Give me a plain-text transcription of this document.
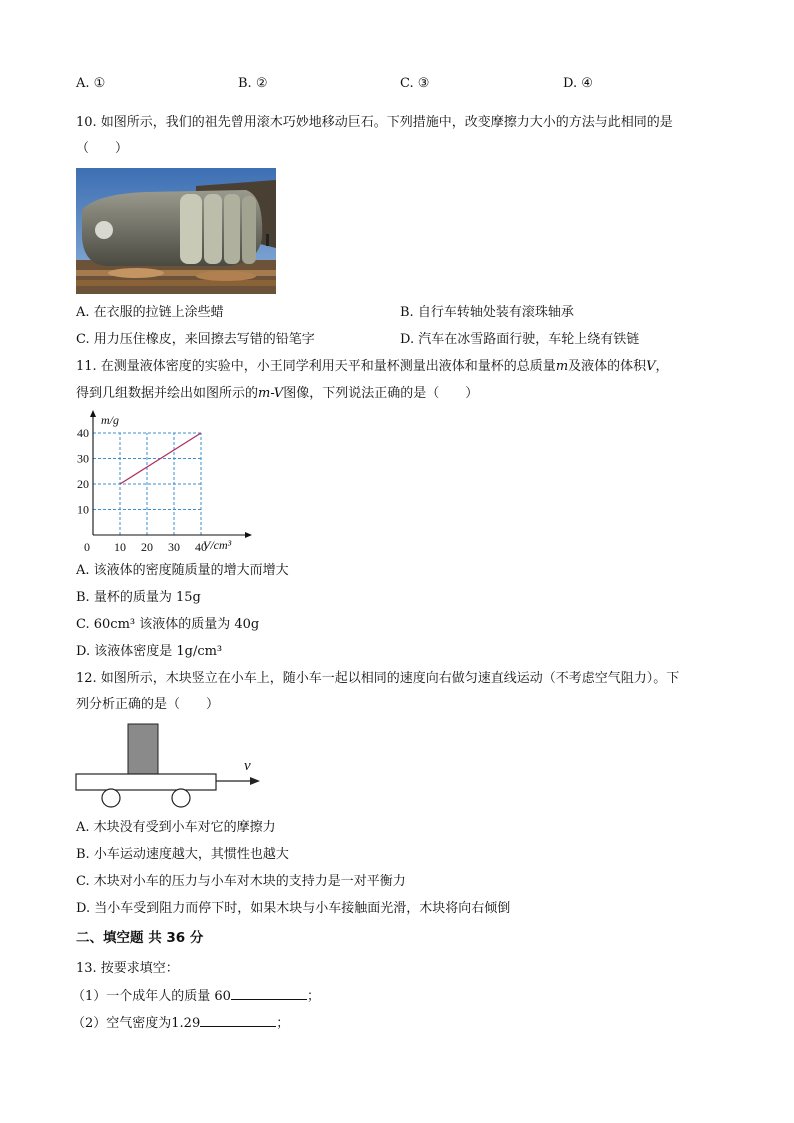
A. ①	B. ②	C. ③	D. ④
10. 如图所示，我们的祖先曾用滚木巧妙地移动巨石。下列措施中，改变摩擦力大小的方法与此相同的是
（　　）
A. 在衣服的拉链上涂些蜡	B. 自行车转轴处装有滚珠轴承
C. 用力压住橡皮，来回擦去写错的铅笔字	D. 汽车在冰雪路面行驶，车轮上绕有铁链
11. 在测量液体密度的实验中，小王同学利用天平和量杯测量出液体和量杯的总质量m及液体的体积V，
得到几组数据并绘出如图所示的m-V图像，下列说法正确的是（　　）
m/g
V/cm³
0 10 20 30 40
10
20
30
40
A. 该液体的密度随质量的增大而增大
B. 量杯的质量为 15g
C. 60cm³ 该液体的质量为 40g
D. 该液体密度是 1g/cm³
12. 如图所示，木块竖立在小车上，随小车一起以相同的速度向右做匀速直线运动（不考虑空气阻力）。下
列分析正确的是（　　）
v
A. 木块没有受到小车对它的摩擦力
B. 小车运动速度越大，其惯性也越大
C. 木块对小车的压力与小车对木块的支持力是一对平衡力
D. 当小车受到阻力而停下时，如果木块与小车接触面光滑，木块将向右倾倒
二、填空题 共 36 分
13. 按要求填空：
（1）一个成年人的质量 60	；
（2）空气密度为1.29	；
